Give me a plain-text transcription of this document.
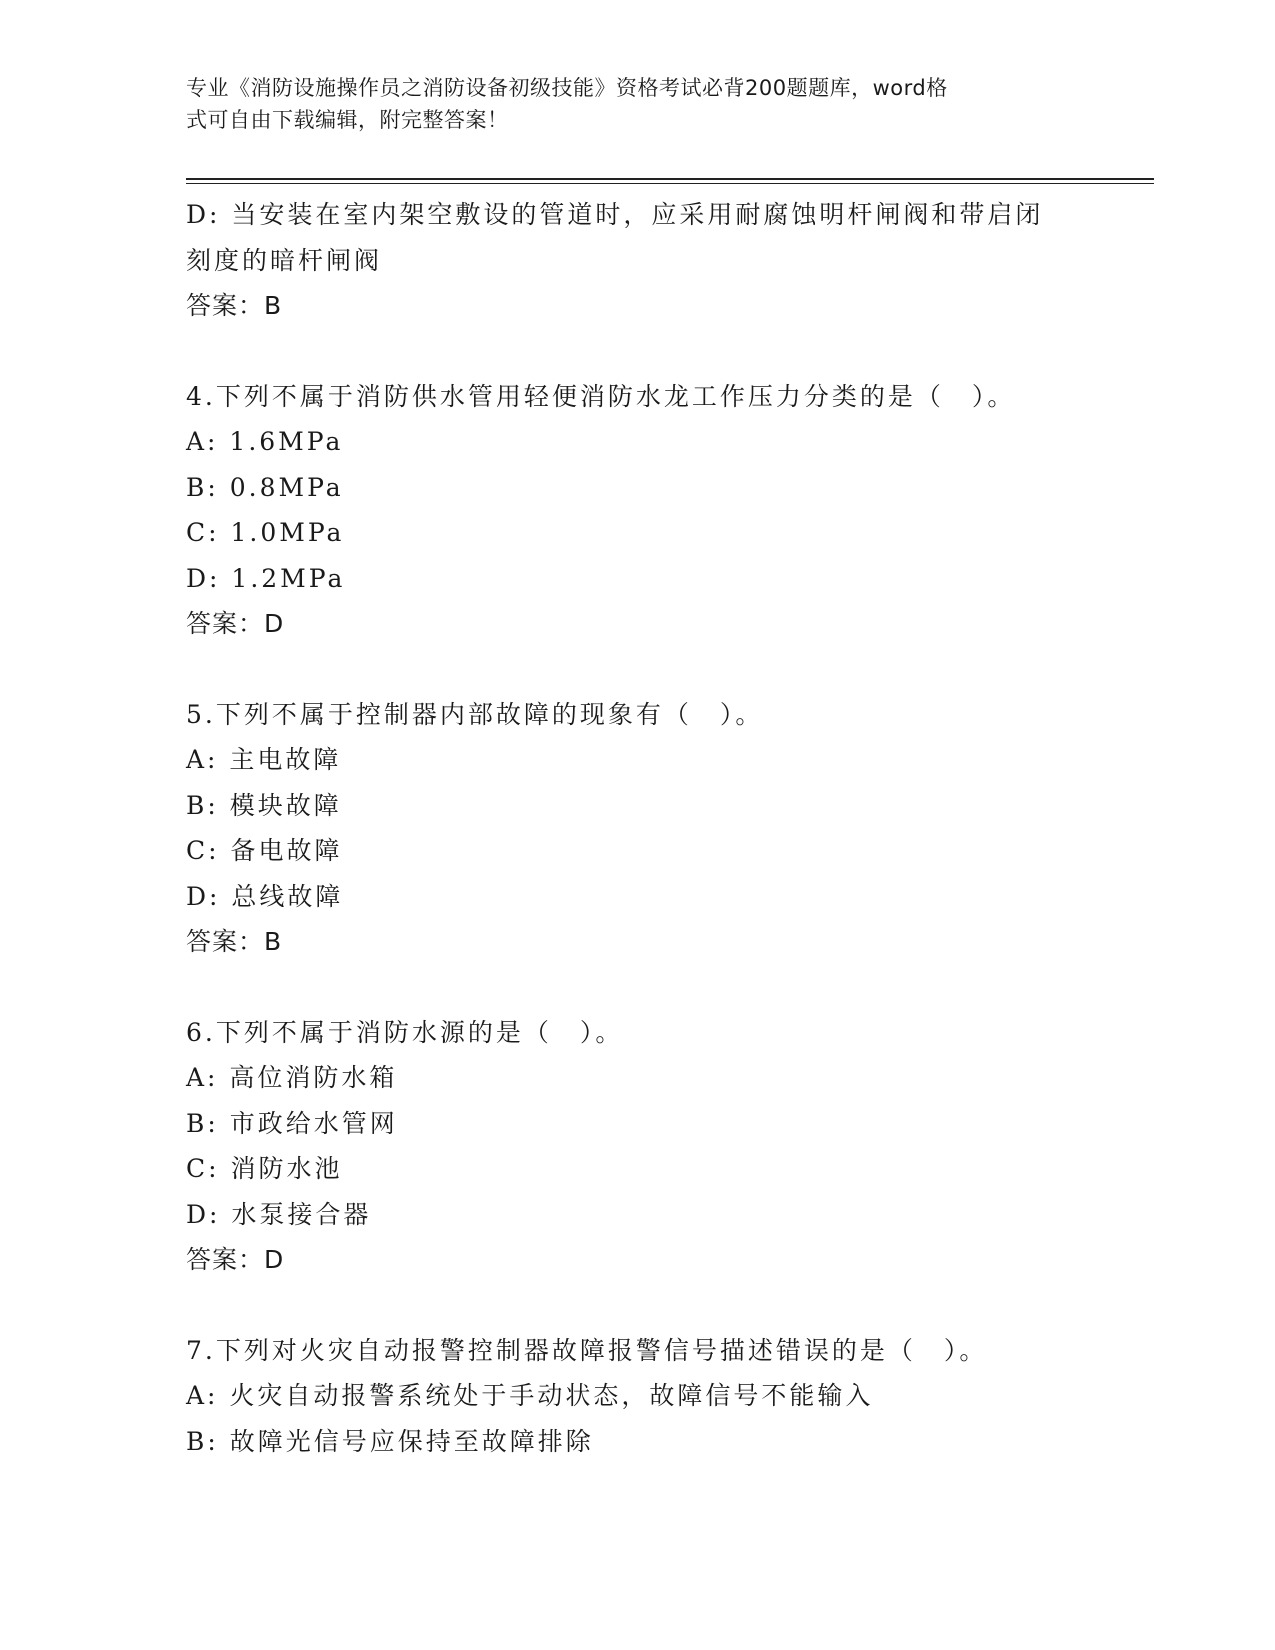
专业《消防设施操作员之消防设备初级技能》资格考试必背200题题库，word格
式可自由下载编辑，附完整答案！
D: 当安装在室内架空敷设的管道时，应采用耐腐蚀明杆闸阀和带启闭
刻度的暗杆闸阀
答案：B
4.下列不属于消防供水管用轻便消防水龙工作压力分类的是（　）。
A: 1.6MPa
B: 0.8MPa
C: 1.0MPa
D: 1.2MPa
答案：D
5.下列不属于控制器内部故障的现象有（　）。
A: 主电故障
B: 模块故障
C: 备电故障
D: 总线故障
答案：B
6.下列不属于消防水源的是（　）。
A: 高位消防水箱
B: 市政给水管网
C: 消防水池
D: 水泵接合器
答案：D
7.下列对火灾自动报警控制器故障报警信号描述错误的是（　）。
A: 火灾自动报警系统处于手动状态，故障信号不能输入
B: 故障光信号应保持至故障排除
